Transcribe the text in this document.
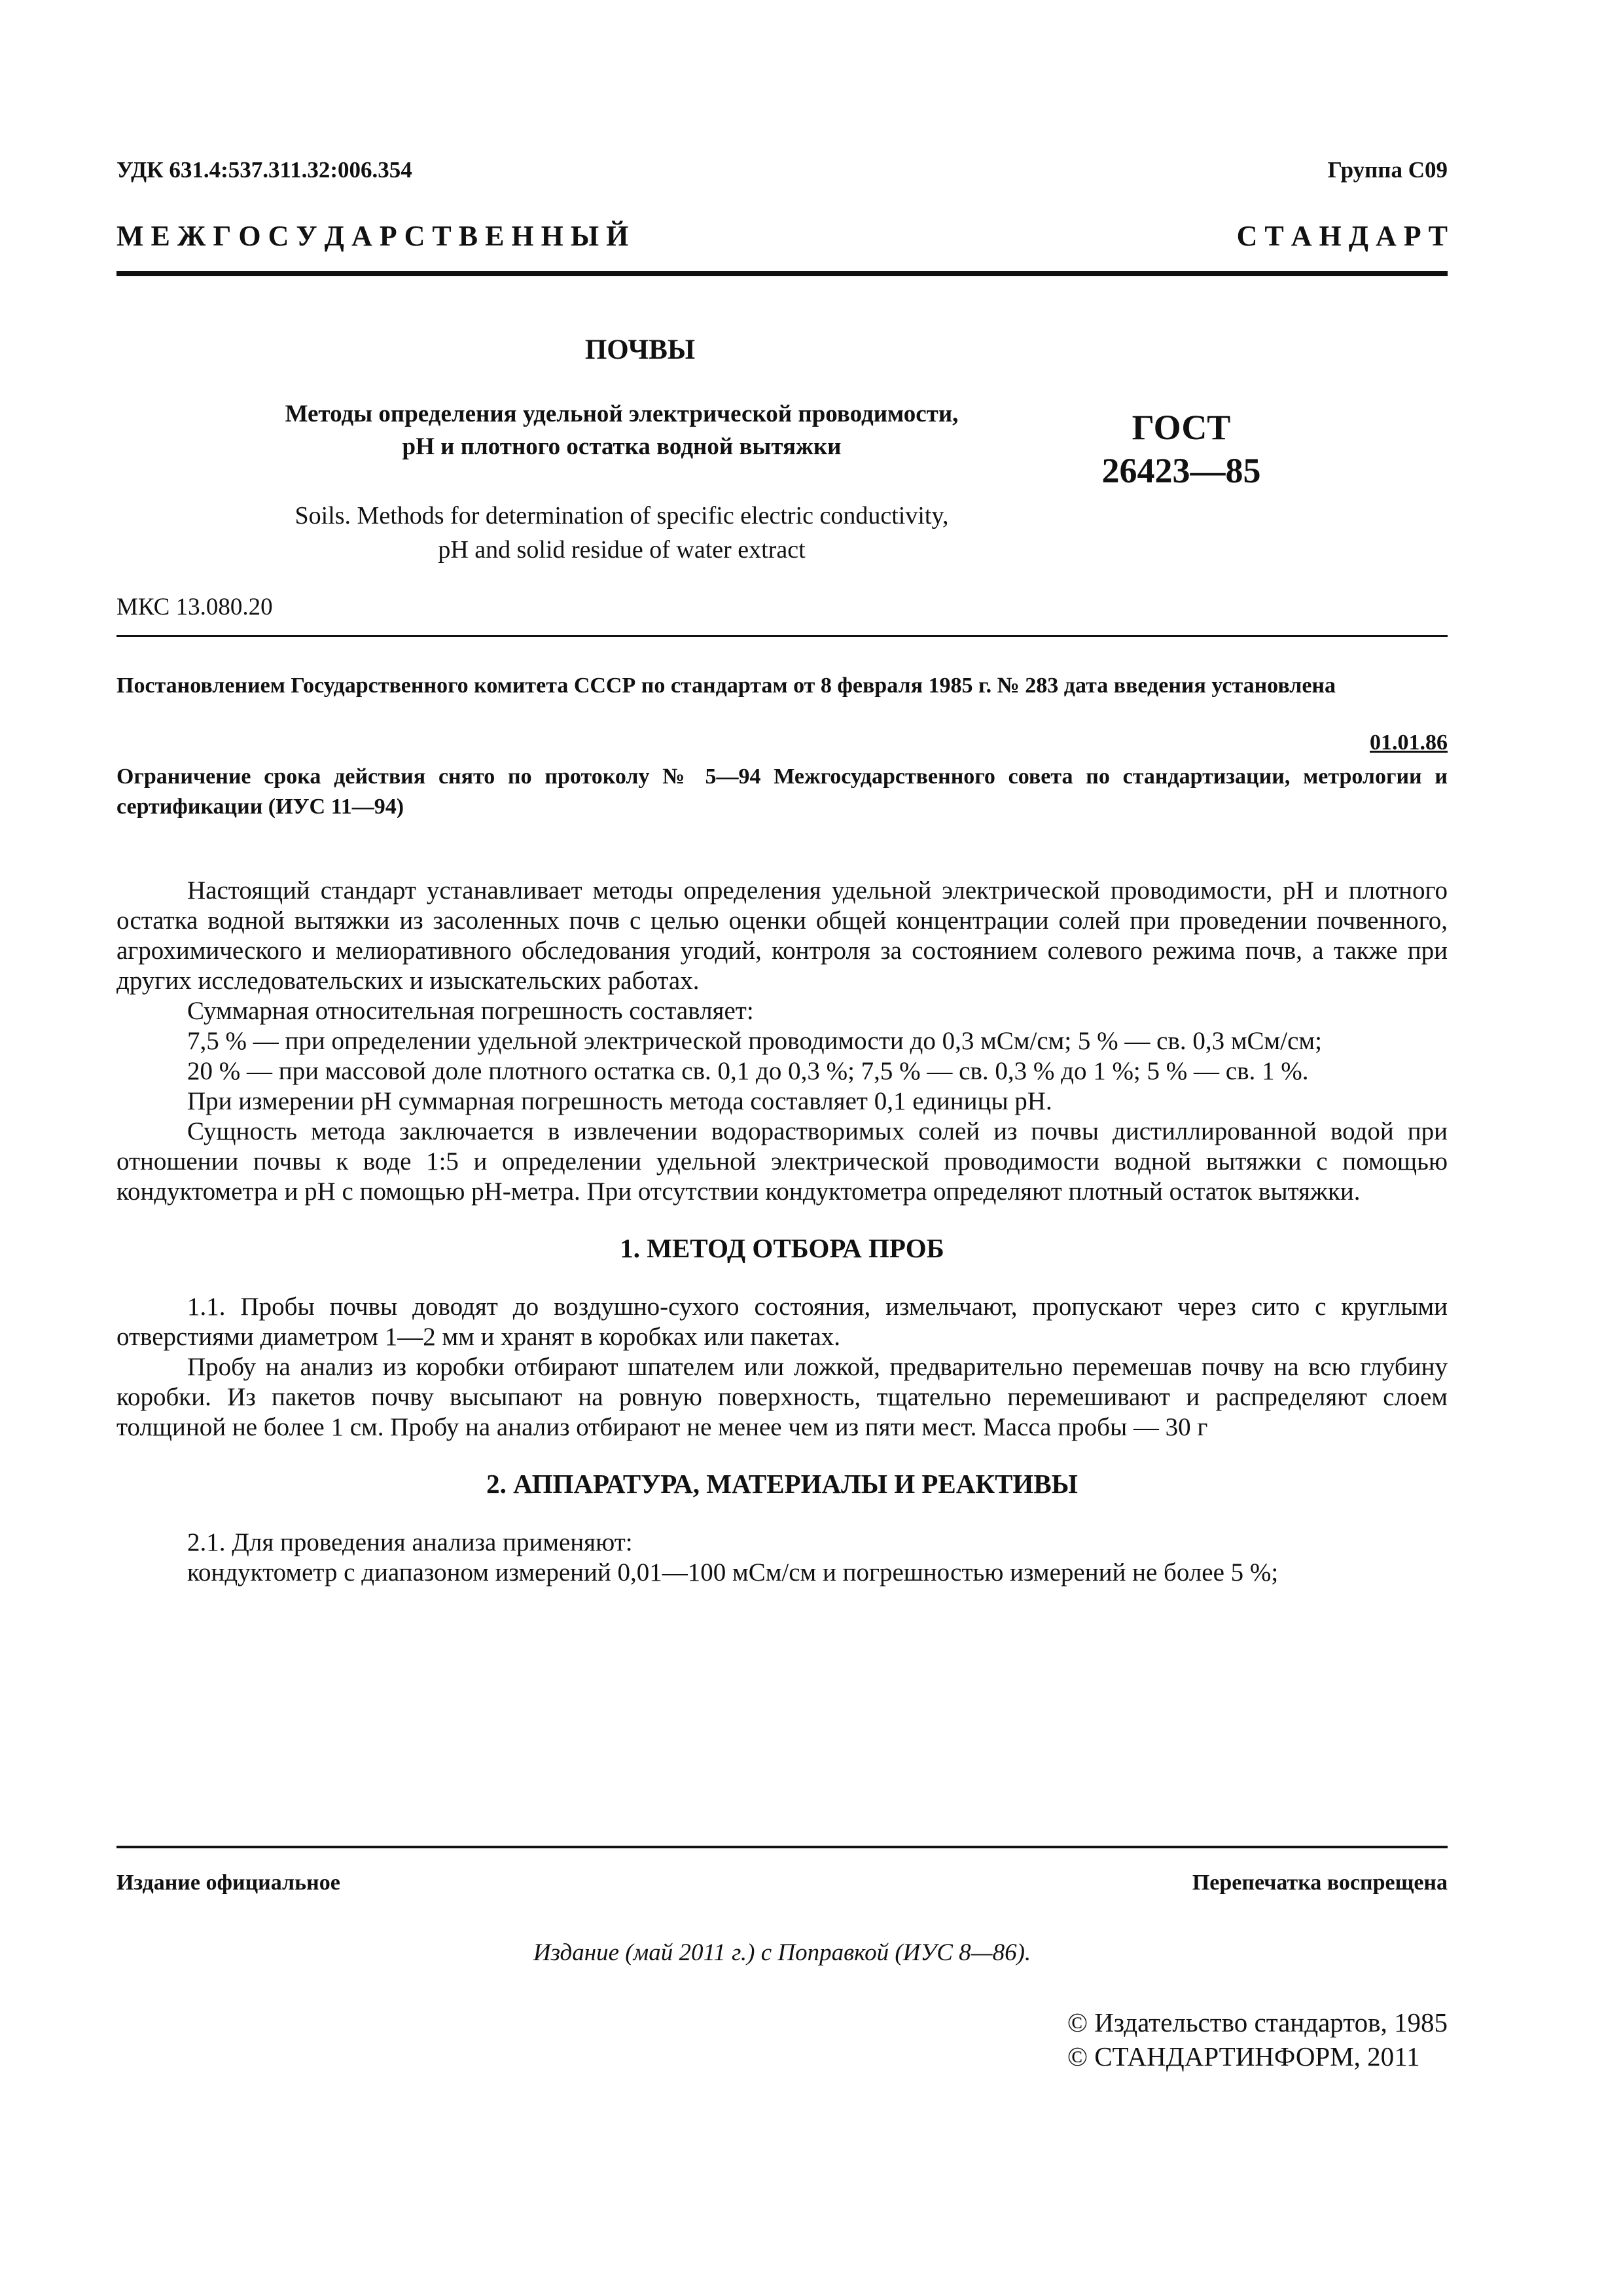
УДК 631.4:537.311.32:006.354	Группа С09
М Е Ж Г О С У Д А Р С Т В Е Н Н Ы Й	С Т А Н Д А Р Т
ПОЧВЫ
Методы определения удельной электрической проводимости,
рН и плотного остатка водной вытяжки	ГОСТ
26423—85
Soils. Methods for determination of specific electric conductivity,
pH and solid residue of water extract
МКС 13.080.20
Постановлением Государственного комитета СССР по стандартам от 8 февраля 1985 г. № 283 дата введения установлена
01.01.86
Ограничение срока действия снято по протоколу № 5—94 Межгосударственного совета по стандартизации, метрологии и сертификации (ИУС 11—94)

Настоящий стандарт устанавливает методы определения удельной электрической проводимости, рН и плотного остатка водной вытяжки из засоленных почв с целью оценки общей концентрации солей при проведении почвенного, агрохимического и мелиоративного обследования угодий, контроля за состоянием солевого режима почв, а также при других исследовательских и изыскательских работах.

Суммарная относительная погрешность составляет:

7,5 % — при определении удельной электрической проводимости до 0,3 мСм/см; 5 % — св. 0,3 мСм/см;

20 % — при массовой доле плотного остатка св. 0,1 до 0,3 %; 7,5 % — св. 0,3 % до 1 %; 5 % — св. 1 %.

При измерении рН суммарная погрешность метода составляет 0,1 единицы рН.

Сущность метода заключается в извлечении водорастворимых солей из почвы дистиллированной водой при отношении почвы к воде 1:5 и определении удельной электрической проводимости водной вытяжки с помощью кондуктометра и рН с помощью рН-метра. При отсутствии кондуктометра определяют плотный остаток вытяжки.

1. МЕТОД ОТБОРА ПРОБ

1.1. Пробы почвы доводят до воздушно-сухого состояния, измельчают, пропускают через сито с круглыми отверстиями диаметром 1—2 мм и хранят в коробках или пакетах.

Пробу на анализ из коробки отбирают шпателем или ложкой, предварительно перемешав почву на всю глубину коробки. Из пакетов почву высыпают на ровную поверхность, тщательно перемешивают и распределяют слоем толщиной не более 1 см. Пробу на анализ отбирают не менее чем из пяти мест. Масса пробы — 30 г

2. АППАРАТУРА, МАТЕРИАЛЫ И РЕАКТИВЫ

2.1. Для проведения анализа применяют:

кондуктометр с диапазоном измерений 0,01—100 мСм/см и погрешностью измерений не более 5 %;

Издание официальное	Перепечатка воспрещена
Издание (май 2011 г.) с Поправкой (ИУС 8—86).
© Издательство стандартов, 1985
© СТАНДАРТИНФОРМ, 2011
